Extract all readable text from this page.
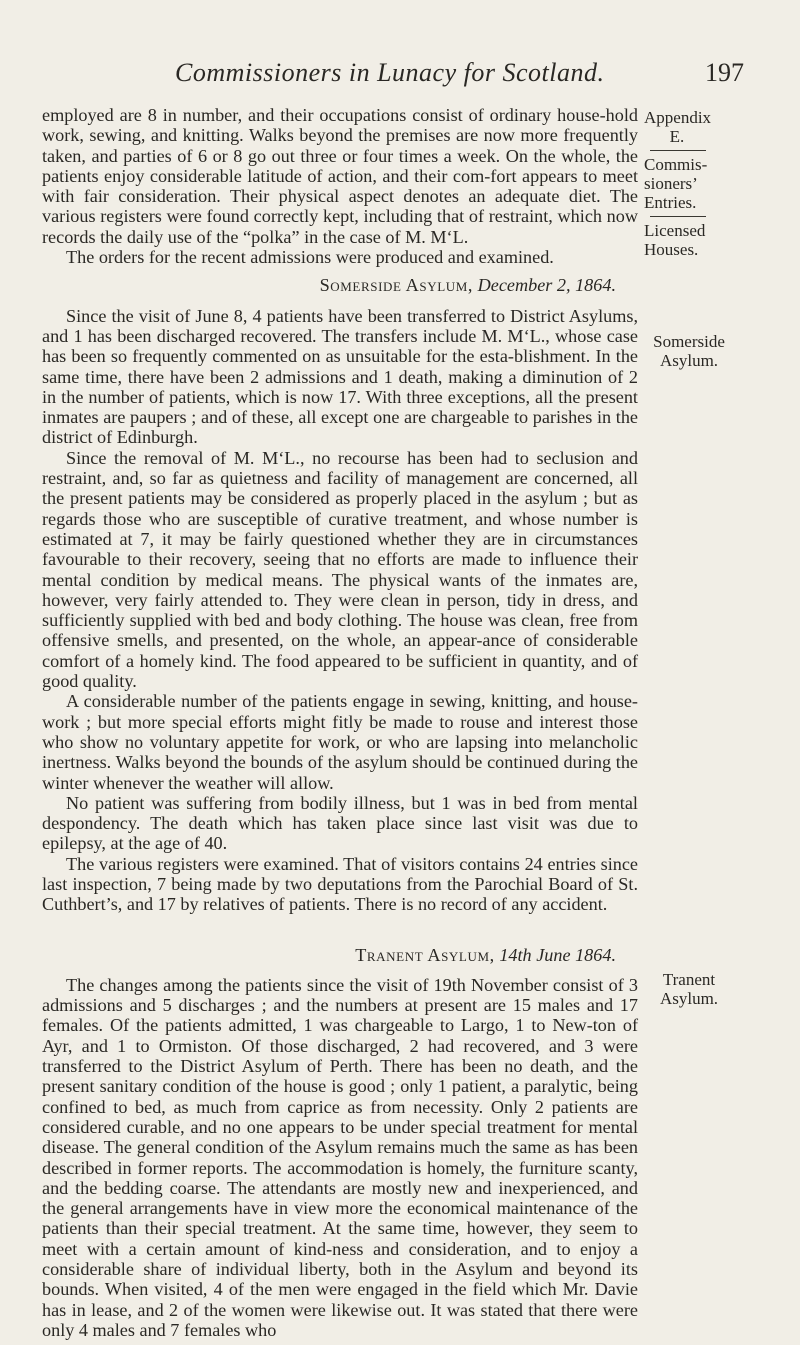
Commissioners in Lunacy for Scotland.	197
Appendix
E.
Commis-
sioners’
Entries.
Licensed
Houses.
Somerside
Asylum.
Tranent
Asylum.

employed are 8 in number, and their occupations consist of ordinary house-hold work, sewing, and knitting. Walks beyond the premises are now more frequently taken, and parties of 6 or 8 go out three or four times a week. On the whole, the patients enjoy considerable latitude of action, and their com-fort appears to meet with fair consideration. Their physical aspect denotes an adequate diet. The various registers were found correctly kept, including that of restraint, which now records the daily use of the “polka” in the case of M. M‘L.

The orders for the recent admissions were produced and examined.

Somerside Asylum, December 2, 1864.

Since the visit of June 8, 4 patients have been transferred to District Asylums, and 1 has been discharged recovered. The transfers include M. M‘L., whose case has been so frequently commented on as unsuitable for the esta-blishment. In the same time, there have been 2 admissions and 1 death, making a diminution of 2 in the number of patients, which is now 17. With three exceptions, all the present inmates are paupers ; and of these, all except one are chargeable to parishes in the district of Edinburgh.

Since the removal of M. M‘L., no recourse has been had to seclusion and restraint, and, so far as quietness and facility of management are concerned, all the present patients may be considered as properly placed in the asylum ; but as regards those who are susceptible of curative treatment, and whose number is estimated at 7, it may be fairly questioned whether they are in circumstances favourable to their recovery, seeing that no efforts are made to influence their mental condition by medical means. The physical wants of the inmates are, however, very fairly attended to. They were clean in person, tidy in dress, and sufficiently supplied with bed and body clothing. The house was clean, free from offensive smells, and presented, on the whole, an appear-ance of considerable comfort of a homely kind. The food appeared to be sufficient in quantity, and of good quality.

A considerable number of the patients engage in sewing, knitting, and house-work ; but more special efforts might fitly be made to rouse and interest those who show no voluntary appetite for work, or who are lapsing into melancholic inertness. Walks beyond the bounds of the asylum should be continued during the winter whenever the weather will allow.

No patient was suffering from bodily illness, but 1 was in bed from mental despondency. The death which has taken place since last visit was due to epilepsy, at the age of 40.

The various registers were examined. That of visitors contains 24 entries since last inspection, 7 being made by two deputations from the Parochial Board of St. Cuthbert’s, and 17 by relatives of patients. There is no record of any accident.

Tranent Asylum, 14th June 1864.

The changes among the patients since the visit of 19th November consist of 3 admissions and 5 discharges ; and the numbers at present are 15 males and 17 females. Of the patients admitted, 1 was chargeable to Largo, 1 to New-ton of Ayr, and 1 to Ormiston. Of those discharged, 2 had recovered, and 3 were transferred to the District Asylum of Perth. There has been no death, and the present sanitary condition of the house is good ; only 1 patient, a paralytic, being confined to bed, as much from caprice as from necessity. Only 2 patients are considered curable, and no one appears to be under special treatment for mental disease. The general condition of the Asylum remains much the same as has been described in former reports. The accommodation is homely, the furniture scanty, and the bedding coarse. The attendants are mostly new and inexperienced, and the general arrangements have in view more the economical maintenance of the patients than their special treatment. At the same time, however, they seem to meet with a certain amount of kind-ness and consideration, and to enjoy a considerable share of individual liberty, both in the Asylum and beyond its bounds. When visited, 4 of the men were engaged in the field which Mr. Davie has in lease, and 2 of the women were likewise out. It was stated that there were only 4 males and 7 females who
